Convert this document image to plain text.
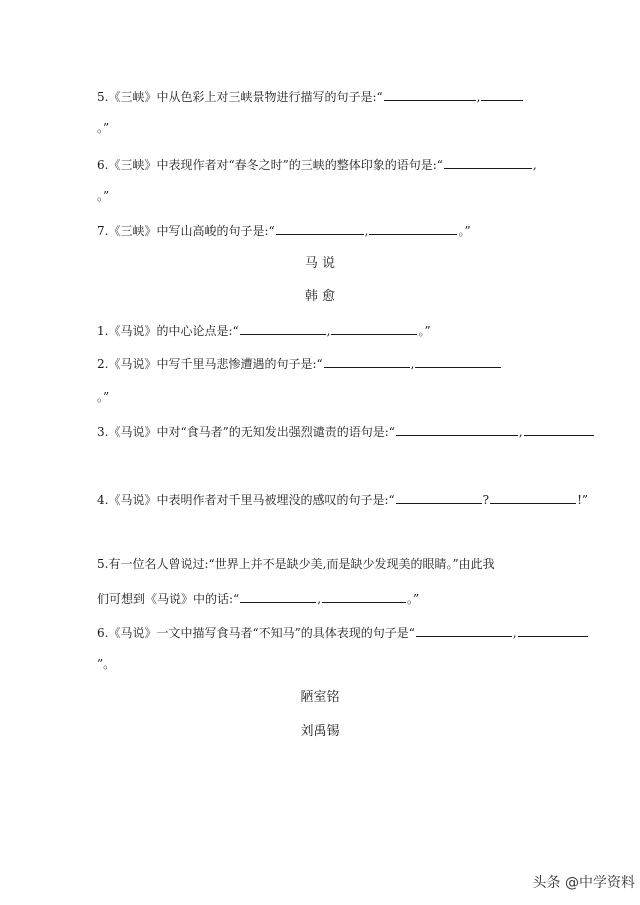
5.《三峡》中从色彩上对三峡景物进行描写的句子是:“	,
。”
6.《三峡》中表现作者对“春冬之时”的三峡的整体印象的语句是:“	,
。”
7.《三峡》中写山高峻的句子是:“	,	。”
马 说
韩 愈
1.《马说》的中心论点是:“	,	。”
2.《马说》中写千里马悲惨遭遇的句子是:“	,
。”
3.《马说》中对“食马者”的无知发出强烈谴责的语句是:“	,
4.《马说》中表明作者对千里马被埋没的感叹的句子是:“	?	!”
5.有一位名人曾说过:“世界上并不是缺少美,而是缺少发现美的眼睛。”由此我
们可想到《马说》中的话:“	,	。”
6.《马说》一文中描写食马者“不知马”的具体表现的句子是“	,
”。
陋室铭
刘禹锡
头条 @中学资料
